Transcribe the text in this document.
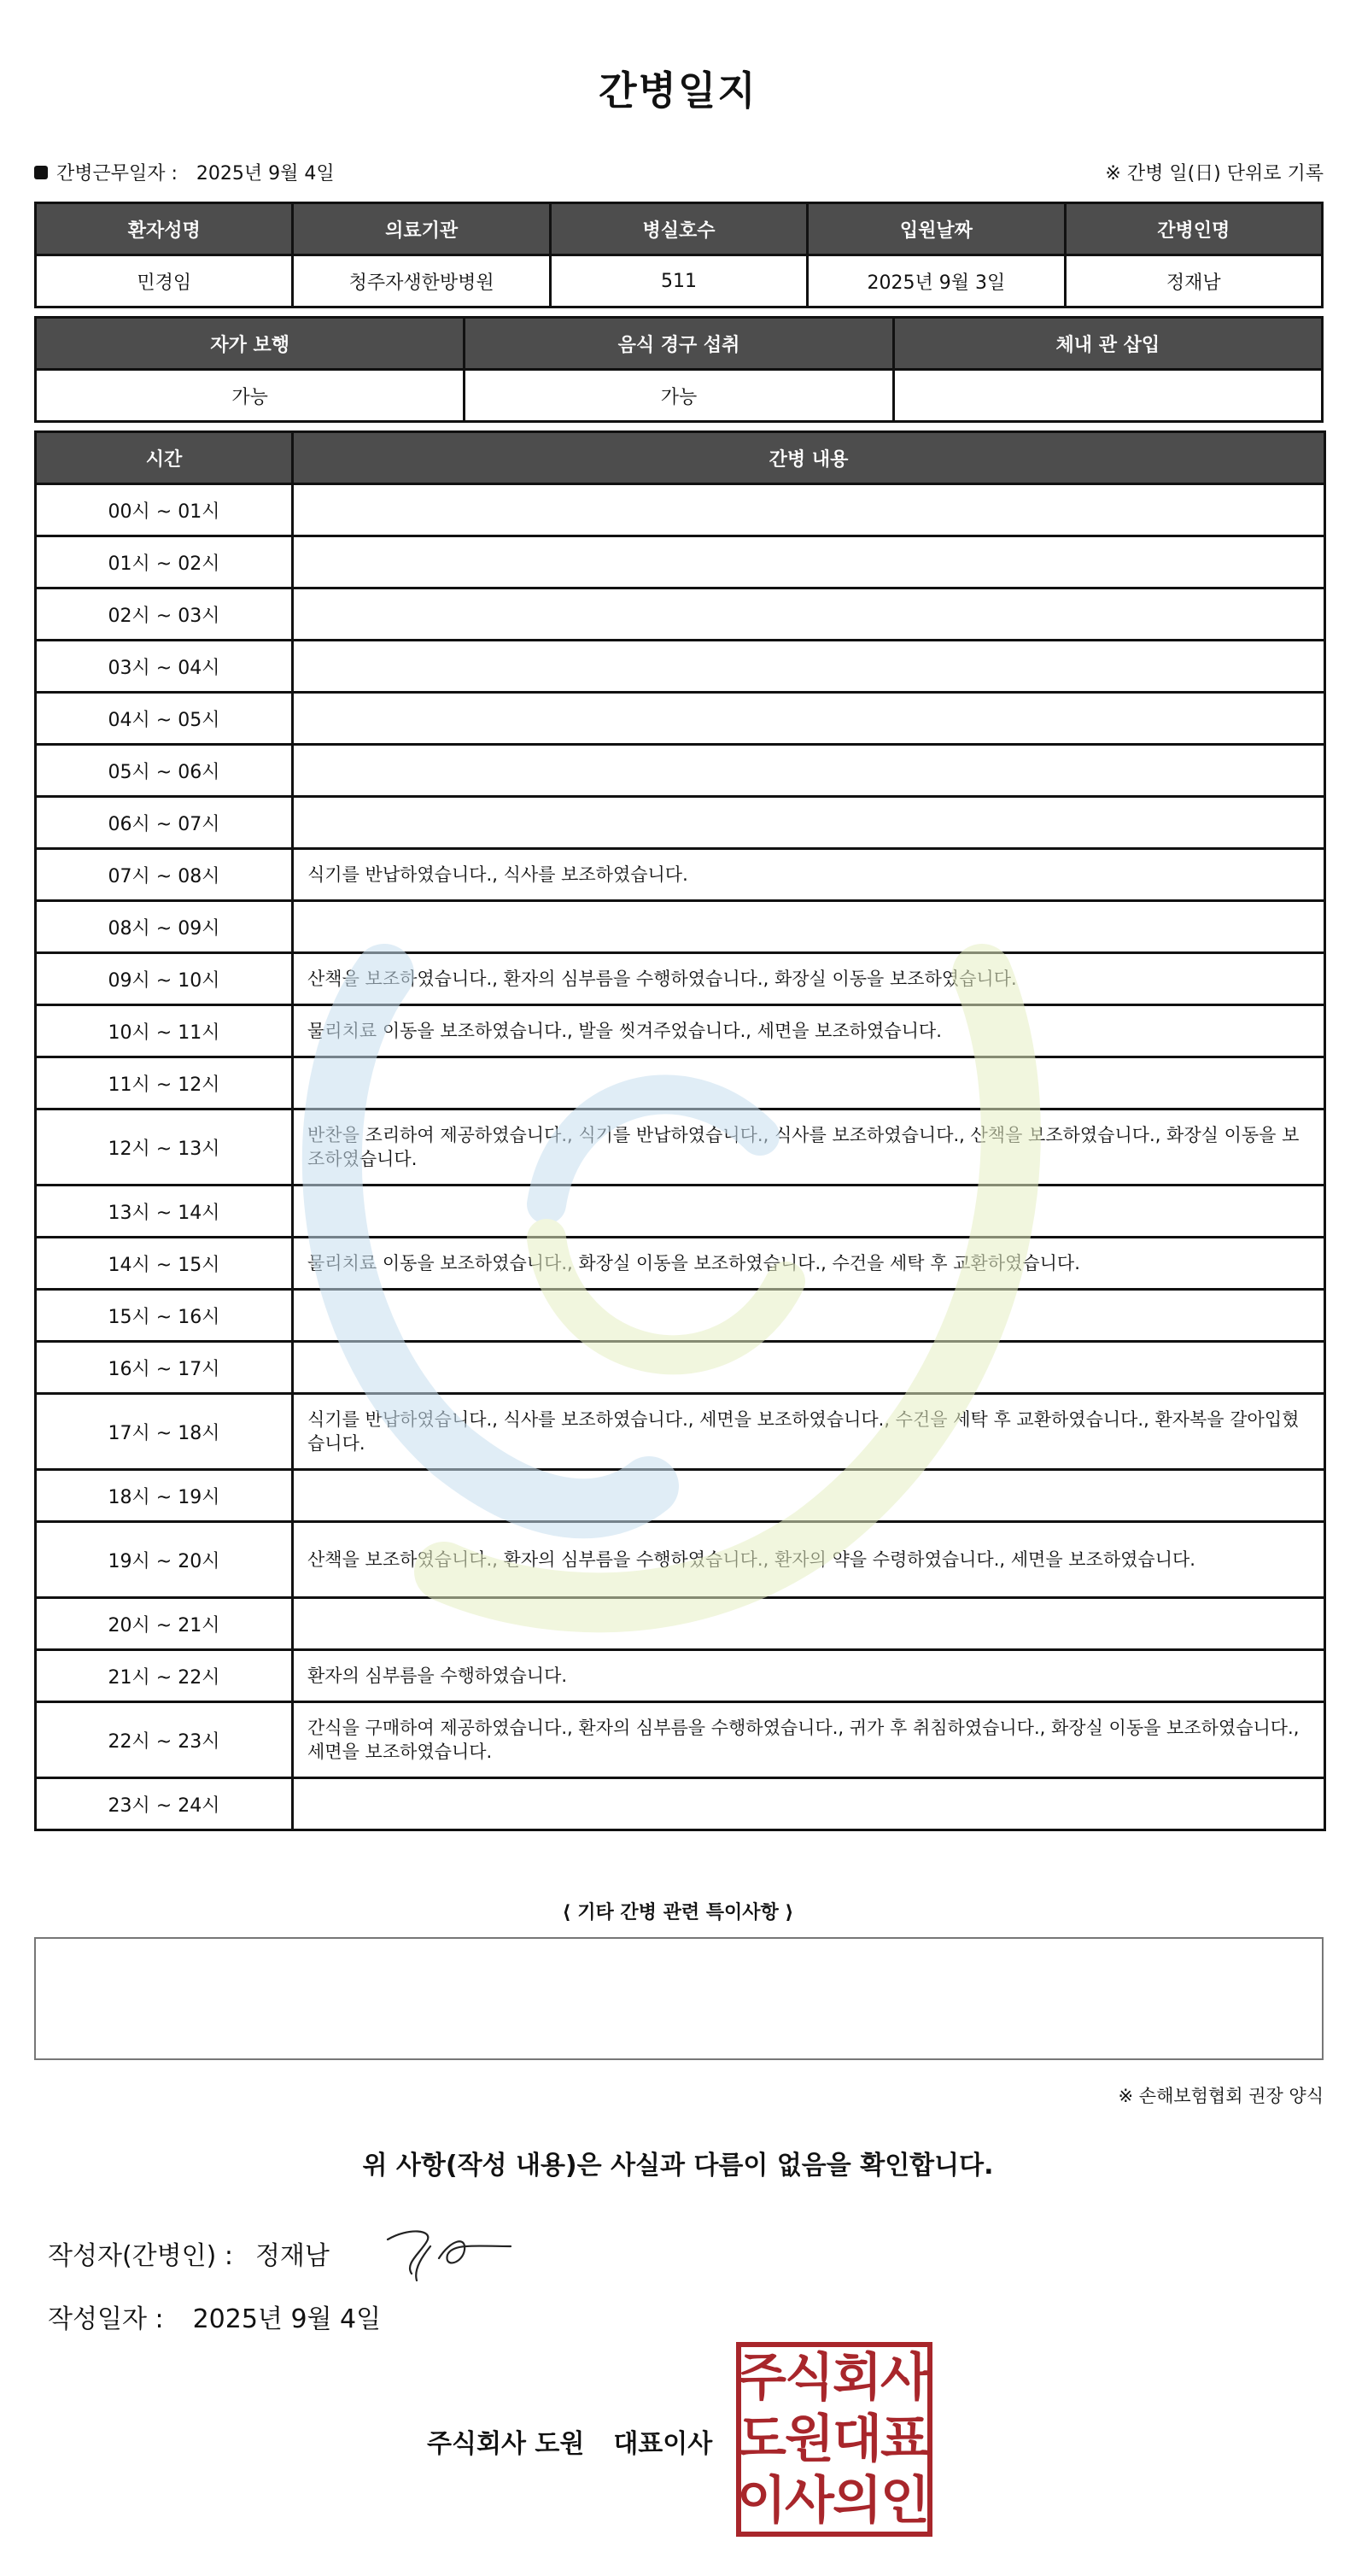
간병일지
간병근무일자 : 2025년 9월 4일	※ 간병 일(日) 단위로 기록
환자성명	의료기관	병실호수	입원날짜	간병인명
민경임	청주자생한방병원	511	2025년 9월 3일	정재남
자가 보행	음식 경구 섭취	체내 관 삽입
가능	가능	
시간	간병 내용
00시 ~ 01시	
01시 ~ 02시	
02시 ~ 03시	
03시 ~ 04시	
04시 ~ 05시	
05시 ~ 06시	
06시 ~ 07시	
07시 ~ 08시	식기를 반납하였습니다., 식사를 보조하였습니다.
08시 ~ 09시	
09시 ~ 10시	산책을 보조하였습니다., 환자의 심부름을 수행하였습니다., 화장실 이동을 보조하였습니다.
10시 ~ 11시	물리치료 이동을 보조하였습니다., 발을 씻겨주었습니다., 세면을 보조하였습니다.
11시 ~ 12시	
12시 ~ 13시	반찬을 조리하여 제공하였습니다., 식기를 반납하였습니다., 식사를 보조하였습니다., 산책을 보조하였습니다., 화장실 이동을 보조하였습니다.
13시 ~ 14시	
14시 ~ 15시	물리치료 이동을 보조하였습니다., 화장실 이동을 보조하였습니다., 수건을 세탁 후 교환하였습니다.
15시 ~ 16시	
16시 ~ 17시	
17시 ~ 18시	식기를 반납하였습니다., 식사를 보조하였습니다., 세면을 보조하였습니다., 수건을 세탁 후 교환하였습니다., 환자복을 갈아입혔습니다.
18시 ~ 19시	
19시 ~ 20시	산책을 보조하였습니다., 환자의 심부름을 수행하였습니다., 환자의 약을 수령하였습니다., 세면을 보조하였습니다.
20시 ~ 21시	
21시 ~ 22시	환자의 심부름을 수행하였습니다.
22시 ~ 23시	간식을 구매하여 제공하였습니다., 환자의 심부름을 수행하였습니다., 귀가 후 취침하였습니다., 화장실 이동을 보조하였습니다., 세면을 보조하였습니다.
23시 ~ 24시	
⟨ 기타 간병 관련 특이사항 ⟩
※ 손해보험협회 권장 양식
위 사항(작성 내용)은 사실과 다름이 없음을 확인합니다.
작성자(간병인) : 정재남
작성일자 : 2025년 9월 4일
주식회사 도원 대표이사
주
식
회
사
도
원
대
표
이
사
의
인
